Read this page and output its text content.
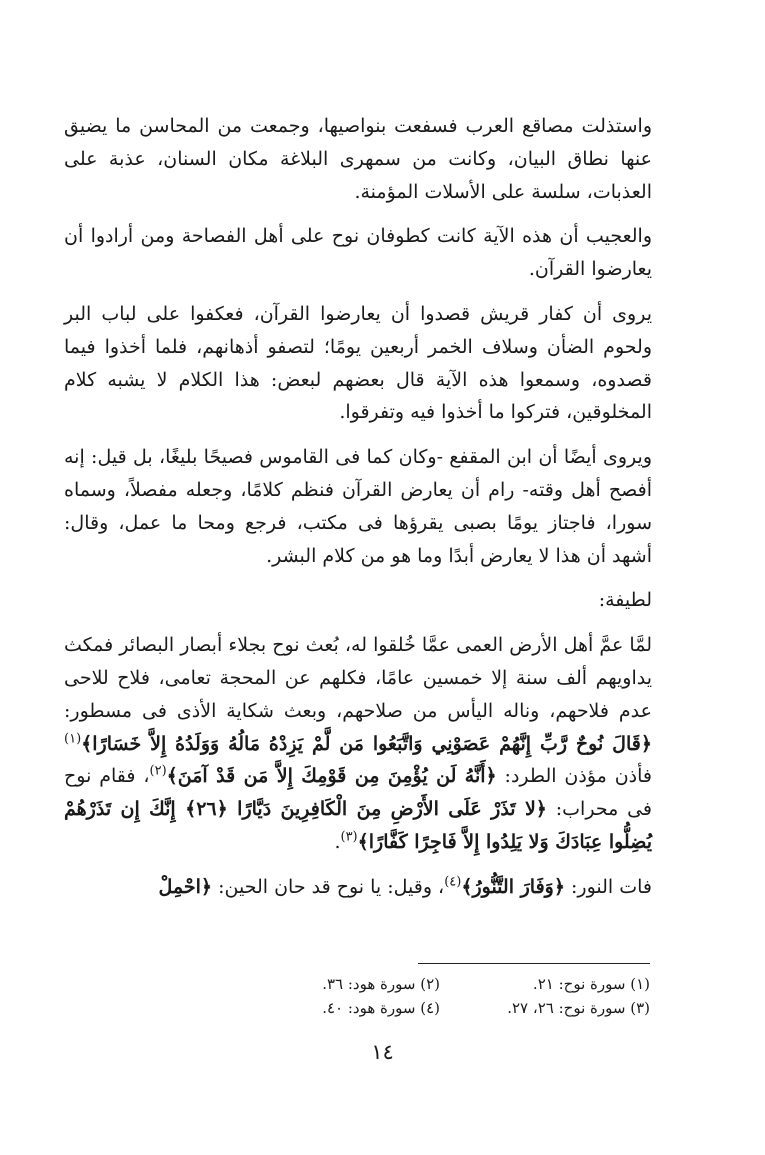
واستذلت مصاقع العرب فسفعت بنواصيها، وجمعت من المحاسن ما يضيق عنها نطاق البيان، وكانت من سمهرى البلاغة مكان السنان، عذبة على العذبات، سلسة على الأسلات المؤمنة.

والعجيب أن هذه الآية كانت كطوفان نوح على أهل الفصاحة ومن أرادوا أن يعارضوا القرآن.

يروى أن كفار قريش قصدوا أن يعارضوا القرآن، فعكفوا على لباب البر ولحوم الضأن وسلاف الخمر أربعين يومًا؛ لتصفو أذهانهم، فلما أخذوا فيما قصدوه، وسمعوا هذه الآية قال بعضهم لبعض: هذا الكلام لا يشبه كلام المخلوقين، فتركوا ما أخذوا فيه وتفرقوا.

ويروى أيضًا أن ابن المقفع -وكان كما فى القاموس فصيحًا بليغًا، بل قيل: إنه أفصح أهل وقته- رام أن يعارض القرآن فنظم كلامًا، وجعله مفصلاً، وسماه سورا، فاجتاز يومًا بصبى يقرؤها فى مكتب، فرجع ومحا ما عمل، وقال: أشهد أن هذا لا يعارض أبدًا وما هو من كلام البشر.

لطيفة:

لمَّا عمَّ أهل الأرض العمى عمَّا خُلقوا له، بُعث نوح بجلاء أبصار البصائر فمكث يداويهم ألف سنة إلا خمسين عامًا، فكلهم عن المحجة تعامى، فلاح للاحى عدم فلاحهم، وناله اليأس من صلاحهم، وبعث شكاية الأذى فى مسطور: ﴿قَالَ نُوحٌ رَّبِّ إِنَّهُمْ عَصَوْنِي وَاتَّبَعُوا مَن لَّمْ يَزِدْهُ مَالُهُ وَوَلَدُهُ إِلاَّ خَسَارًا﴾$^{(١)}$ فأذن مؤذن الطرد: ﴿أَنَّهُ لَن يُؤْمِنَ مِن قَوْمِكَ إِلاَّ مَن قَدْ آمَنَ﴾$^{(٢)}$، فقام نوح فى محراب: ﴿لا تَذَرْ عَلَى الأَرْضِ مِنَ الْكَافِرِينَ دَيَّارًا ﴿٢٦﴾ إِنَّكَ إِن تَذَرْهُمْ يُضِلُّوا عِبَادَكَ وَلا يَلِدُوا إِلاَّ فَاجِرًا كَفَّارًا﴾$^{(٣)}$.

فات النور: ﴿وَفَارَ التَّنُّورُ﴾$^{(٤)}$، وقيل: يا نوح قد حان الحين: ﴿احْمِلْ

(١) سورة نوح: ٢١.
(٢) سورة هود: ٣٦.
(٣) سورة نوح: ٢٦، ٢٧.
(٤) سورة هود: ٤٠.
١٤
